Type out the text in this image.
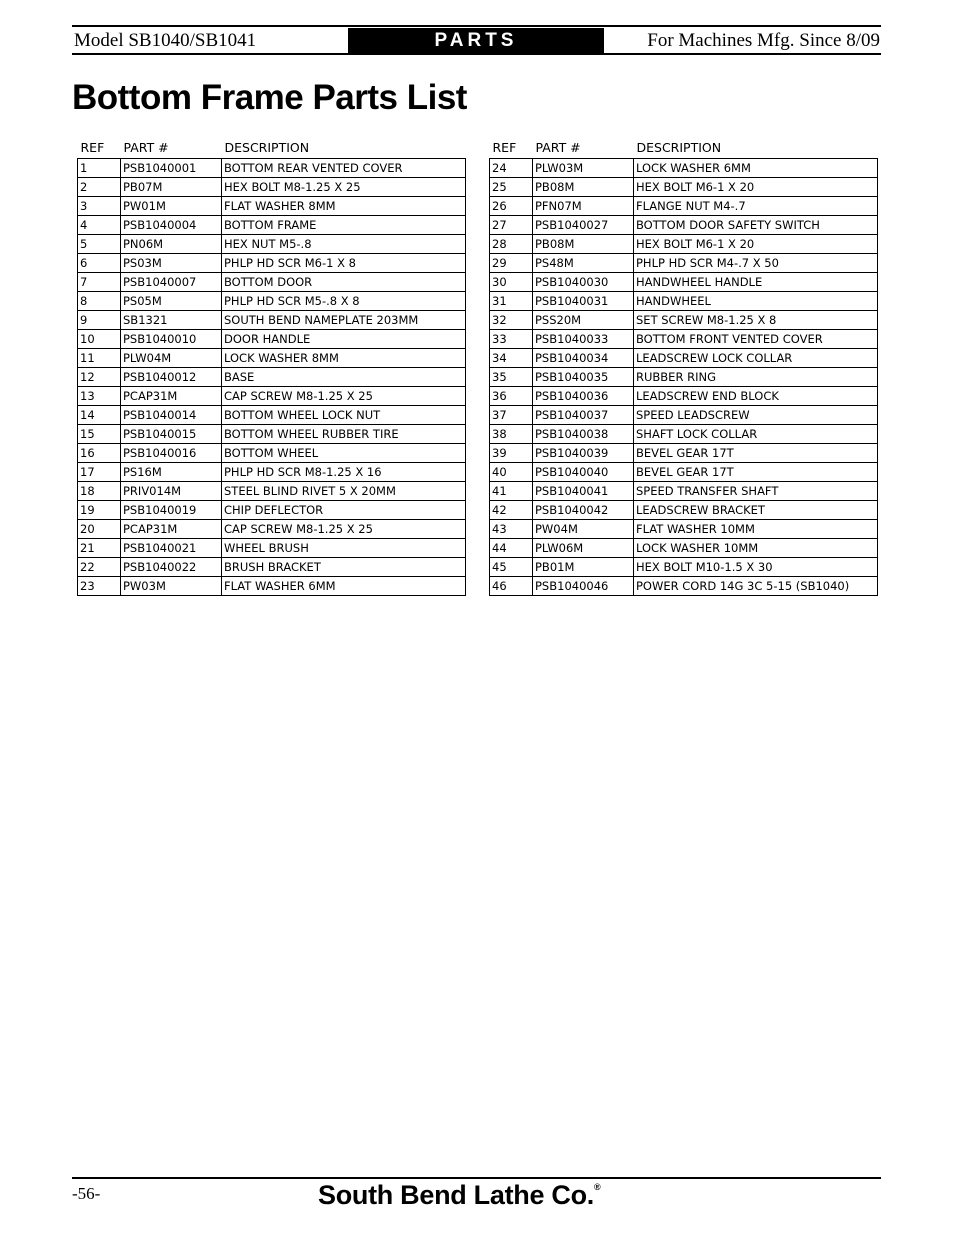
Model SB1040/SB1041	PARTS	For Machines Mfg. Since 8/09
Bottom Frame Parts List
REF	PART #	DESCRIPTION
1	PSB1040001	BOTTOM REAR VENTED COVER
2	PB07M	HEX BOLT M8-1.25 X 25
3	PW01M	FLAT WASHER 8MM
4	PSB1040004	BOTTOM FRAME
5	PN06M	HEX NUT M5-.8
6	PS03M	PHLP HD SCR M6-1 X 8
7	PSB1040007	BOTTOM DOOR
8	PS05M	PHLP HD SCR M5-.8 X 8
9	SB1321	SOUTH BEND NAMEPLATE 203MM
10	PSB1040010	DOOR HANDLE
11	PLW04M	LOCK WASHER 8MM
12	PSB1040012	BASE
13	PCAP31M	CAP SCREW M8-1.25 X 25
14	PSB1040014	BOTTOM WHEEL LOCK NUT
15	PSB1040015	BOTTOM WHEEL RUBBER TIRE
16	PSB1040016	BOTTOM WHEEL
17	PS16M	PHLP HD SCR M8-1.25 X 16
18	PRIV014M	STEEL BLIND RIVET 5 X 20MM
19	PSB1040019	CHIP DEFLECTOR
20	PCAP31M	CAP SCREW M8-1.25 X 25
21	PSB1040021	WHEEL BRUSH
22	PSB1040022	BRUSH BRACKET
23	PW03M	FLAT WASHER 6MM
REF	PART #	DESCRIPTION
24	PLW03M	LOCK WASHER 6MM
25	PB08M	HEX BOLT M6-1 X 20
26	PFN07M	FLANGE NUT M4-.7
27	PSB1040027	BOTTOM DOOR SAFETY SWITCH
28	PB08M	HEX BOLT M6-1 X 20
29	PS48M	PHLP HD SCR M4-.7 X 50
30	PSB1040030	HANDWHEEL HANDLE
31	PSB1040031	HANDWHEEL
32	PSS20M	SET SCREW M8-1.25 X 8
33	PSB1040033	BOTTOM FRONT VENTED COVER
34	PSB1040034	LEADSCREW LOCK COLLAR
35	PSB1040035	RUBBER RING
36	PSB1040036	LEADSCREW END BLOCK
37	PSB1040037	SPEED LEADSCREW
38	PSB1040038	SHAFT LOCK COLLAR
39	PSB1040039	BEVEL GEAR 17T
40	PSB1040040	BEVEL GEAR 17T
41	PSB1040041	SPEED TRANSFER SHAFT
42	PSB1040042	LEADSCREW BRACKET
43	PW04M	FLAT WASHER 10MM
44	PLW06M	LOCK WASHER 10MM
45	PB01M	HEX BOLT M10-1.5 X 30
46	PSB1040046	POWER CORD 14G 3C 5-15 (SB1040)
-56-	South Bend Lathe Co.®
